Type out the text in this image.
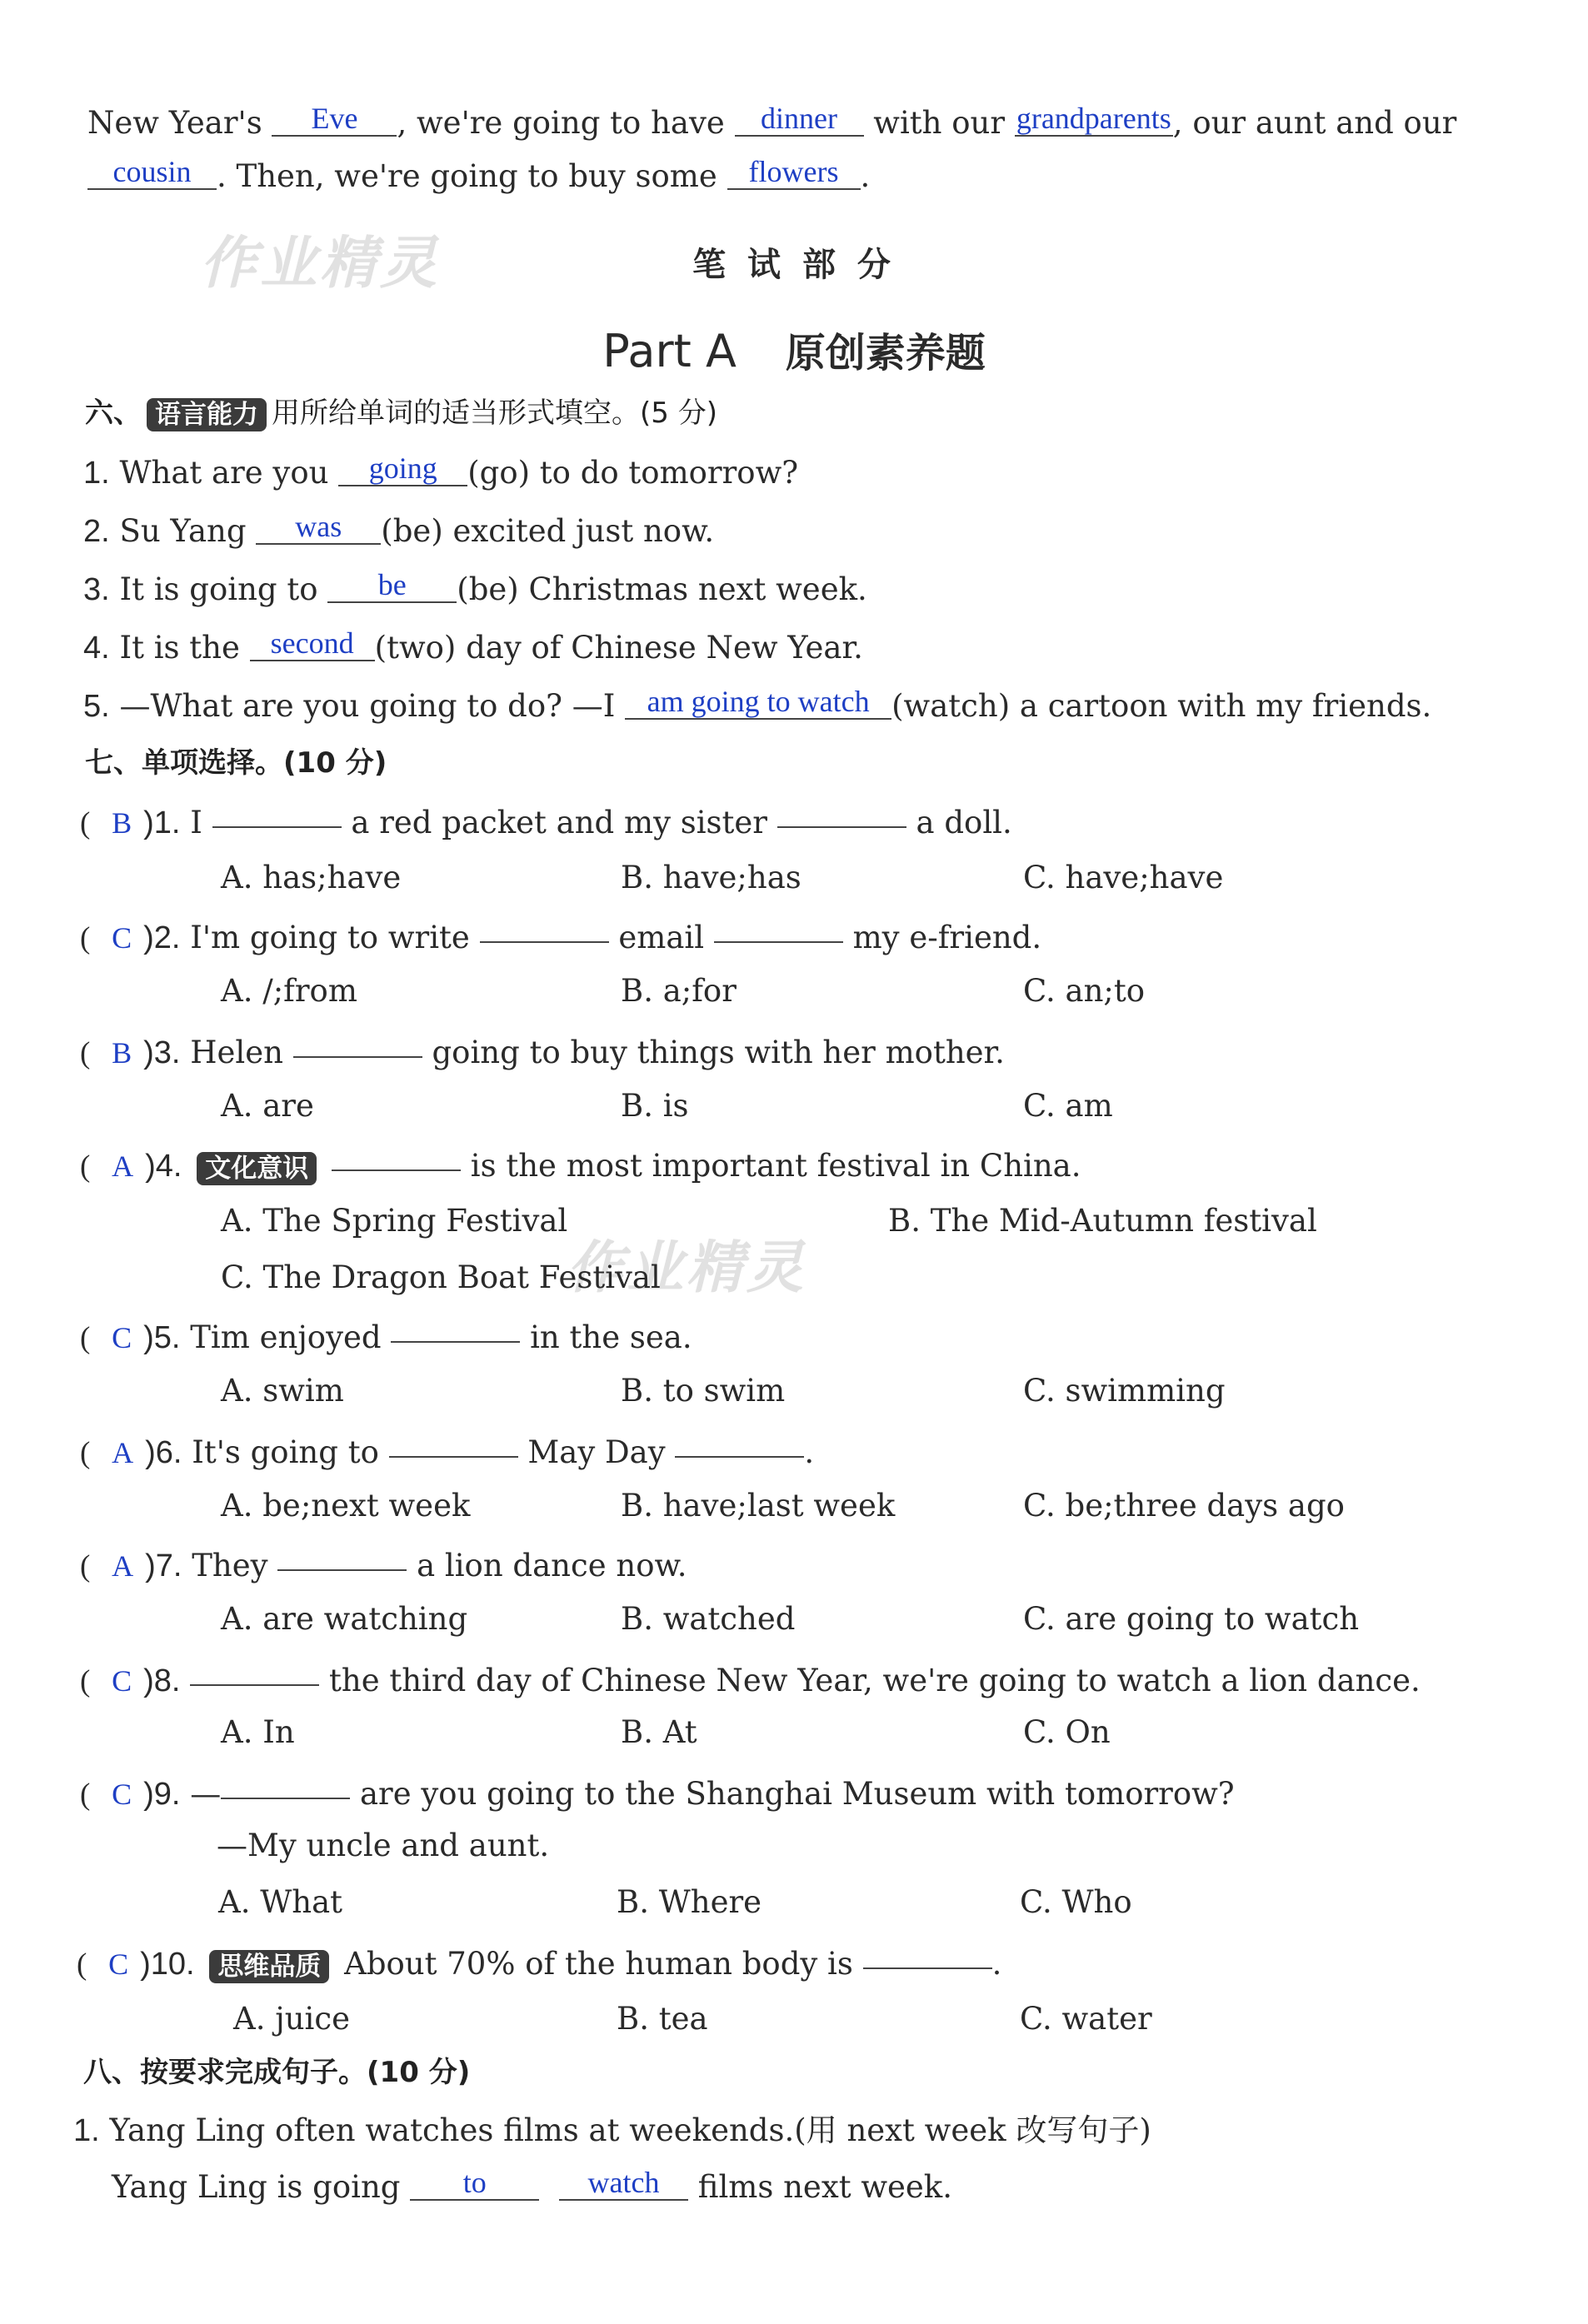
作业精灵
作业精灵
New Year's Eve , we're going to have dinner with our grandparents, our aunt and our
cousin . Then, we're going to buy some flowers .
笔 试 部 分
Part A 原创素养题
六、 语言能力 用所给单词的适当形式填空。(5 分)
1. What are you going (go) to do tomorrow?
2. Su Yang was (be) excited just now.
3. It is going to be (be) Christmas next week.
4. It is the second (two) day of Chinese New Year.
5. —What are you going to do? —I am going to watch (watch) a cartoon with my friends.
七、单项选择。(10 分)
( B )1. I	a red packet and my sister	a doll.
A. has;have	B. have;has	C. have;have
( C )2. I'm going to write	email	my e-friend.
A. /;from	B. a;for	C. an;to
( B )3. Helen	going to buy things with her mother.
A. are	B. is	C. am
( A )4. 文化意识	is the most important festival in China.
A. The Spring Festival	B. The Mid-Autumn festival
C. The Dragon Boat Festival
( C )5. Tim enjoyed	in the sea.
A. swim	B. to swim	C. swimming
( A )6. It's going to	May Day	.
A. be;next week	B. have;last week	C. be;three days ago
( A )7. They	a lion dance now.
A. are watching	B. watched	C. are going to watch
( C )8.	the third day of Chinese New Year, we're going to watch a lion dance.
A. In	B. At	C. On
( C )9. —	are you going to the Shanghai Museum with tomorrow?
—My uncle and aunt.
A. What	B. Where	C. Who
( C )10. 思维品质 About 70% of the human body is	.
A. juice	B. tea	C. water
八、按要求完成句子。(10 分)
1. Yang Ling often watches films at weekends.(用 next week 改写句子)
Yang Ling is going to	watch films next week.
